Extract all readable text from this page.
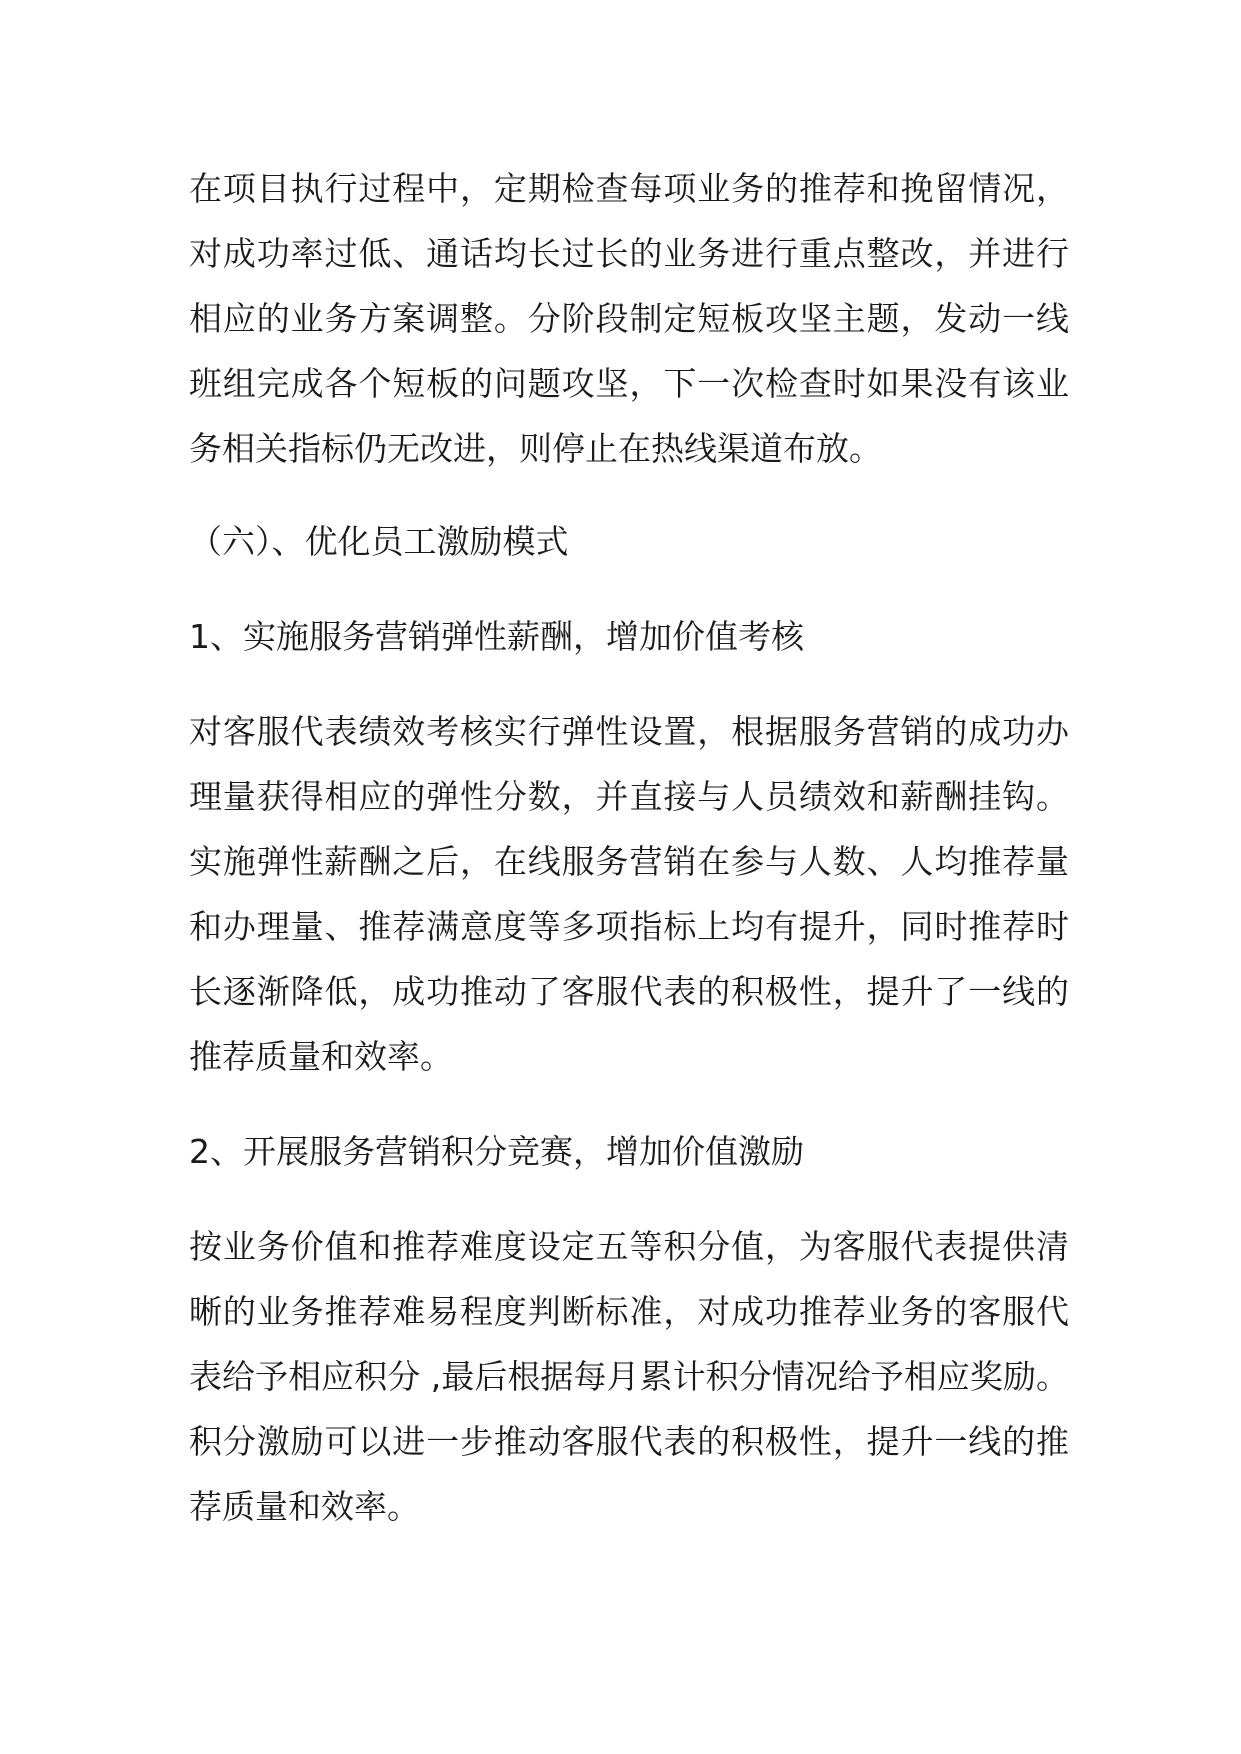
在项目执行过程中，定期检查每项业务的推荐和挽留情况，对成功率过低、通话均长过长的业务进行重点整改，并进行相应的业务方案调整。分阶段制定短板攻坚主题，发动一线班组完成各个短板的问题攻坚，下一次检查时如果没有该业务相关指标仍无改进，则停止在热线渠道布放。

（六）、优化员工激励模式

1、实施服务营销弹性薪酬，增加价值考核

对客服代表绩效考核实行弹性设置，根据服务营销的成功办理量获得相应的弹性分数，并直接与人员绩效和薪酬挂钩。实施弹性薪酬之后，在线服务营销在参与人数、人均推荐量和办理量、推荐满意度等多项指标上均有提升，同时推荐时长逐渐降低，成功推动了客服代表的积极性，提升了一线的推荐质量和效率。

2、开展服务营销积分竞赛，增加价值激励

按业务价值和推荐难度设定五等积分值，为客服代表提供清晰的业务推荐难易程度判断标准，对成功推荐业务的客服代表给予相应积分 ,最后根据每月累计积分情况给予相应奖励。积分激励可以进一步推动客服代表的积极性，提升一线的推荐质量和效率。
